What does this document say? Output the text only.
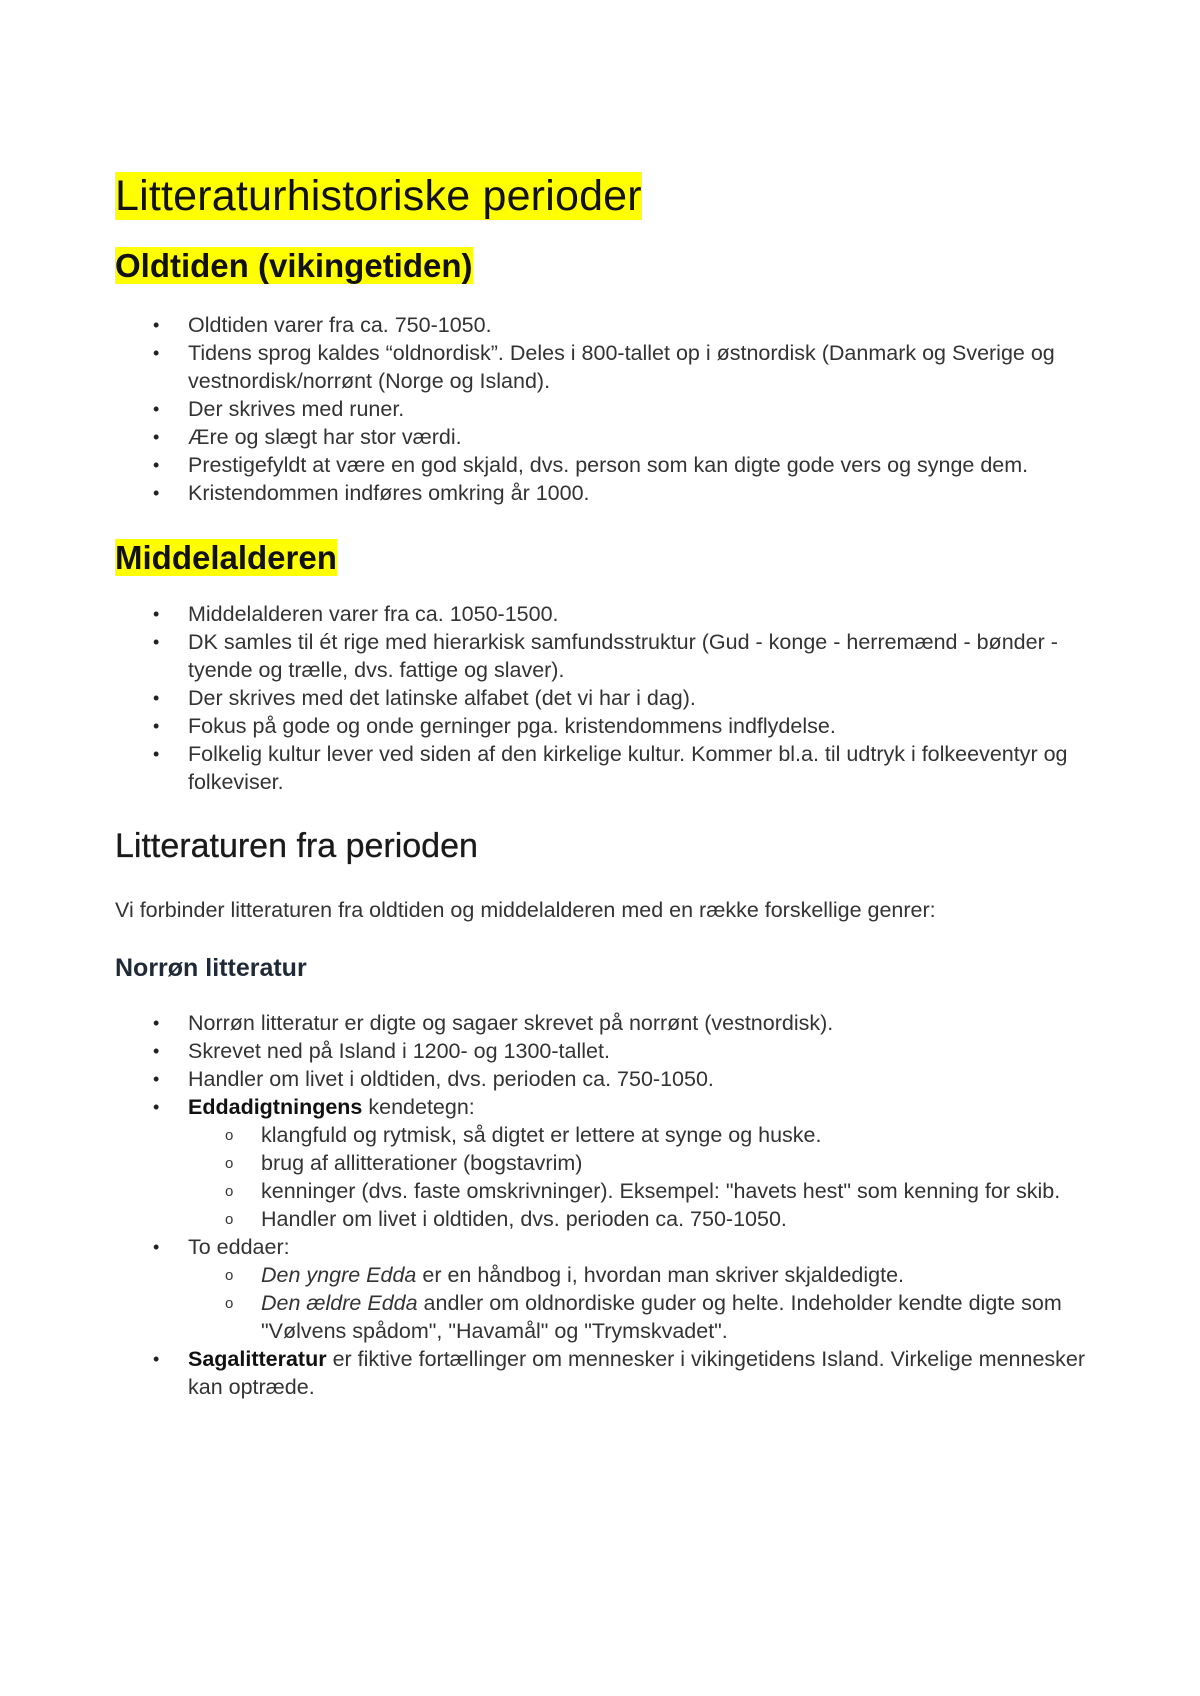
Litteraturhistoriske perioder
Oldtiden (vikingetiden)
• Oldtiden varer fra ca. 750-1050.
• Tidens sprog kaldes “oldnordisk”. Deles i 800-tallet op i østnordisk (Danmark og Sverige og vestnordisk/norrønt (Norge og Island).
• Der skrives med runer.
• Ære og slægt har stor værdi.
• Prestigefyldt at være en god skjald, dvs. person som kan digte gode vers og synge dem.
• Kristendommen indføres omkring år 1000.
Middelalderen
• Middelalderen varer fra ca. 1050-1500.
• DK samles til ét rige med hierarkisk samfundsstruktur (Gud - konge - herremænd - bønder - tyende og trælle, dvs. fattige og slaver).
• Der skrives med det latinske alfabet (det vi har i dag).
• Fokus på gode og onde gerninger pga. kristendommens indflydelse.
• Folkelig kultur lever ved siden af den kirkelige kultur. Kommer bl.a. til udtryk i folkeeventyr og folkeviser.
Litteraturen fra perioden

Vi forbinder litteraturen fra oldtiden og middelalderen med en række forskellige genrer:

Norrøn litteratur
• Norrøn litteratur er digte og sagaer skrevet på norrønt (vestnordisk).
• Skrevet ned på Island i 1200- og 1300-tallet.
• Handler om livet i oldtiden, dvs. perioden ca. 750-1050.
• Eddadigtningens kendetegn:
o klangfuld og rytmisk, så digtet er lettere at synge og huske.
o brug af allitterationer (bogstavrim)
o kenninger (dvs. faste omskrivninger). Eksempel: "havets hest" som kenning for skib.
o Handler om livet i oldtiden, dvs. perioden ca. 750-1050.
• To eddaer:
o Den yngre Edda er en håndbog i, hvordan man skriver skjaldedigte.
o Den ældre Edda andler om oldnordiske guder og helte. Indeholder kendte digte som "Vølvens spådom", "Havamål" og "Trymskvadet".
• Sagalitteratur er fiktive fortællinger om mennesker i vikingetidens Island. Virkelige mennesker kan optræde.
